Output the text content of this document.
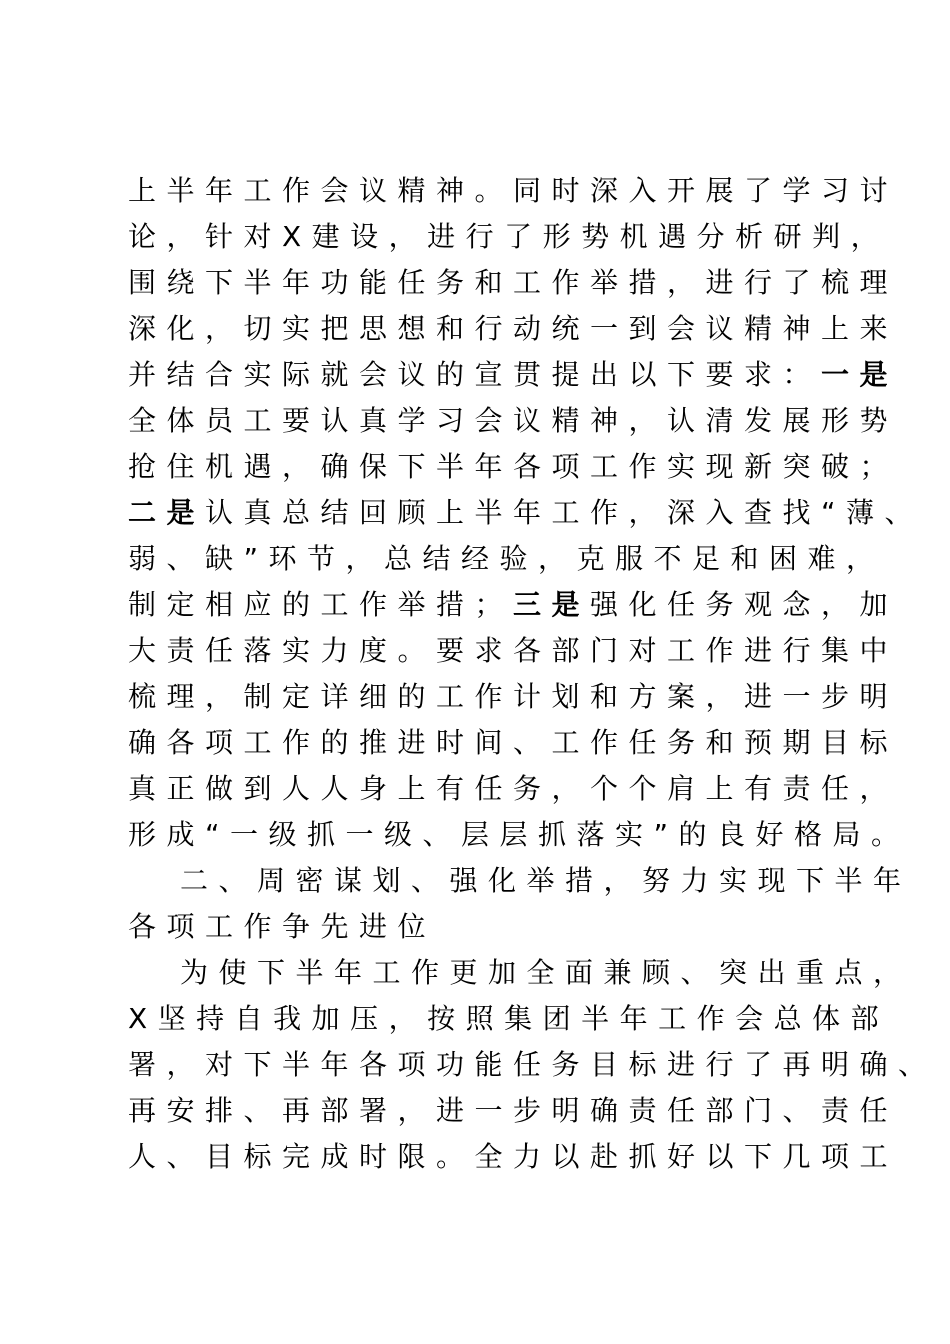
上半年工作会议精神。同时深入开展了学习讨
论，针对X建设，进行了形势机遇分析研判，
围绕下半年功能任务和工作举措，进行了梳理
深化，切实把思想和行动统一到会议精神上来
并结合实际就会议的宣贯提出以下要求：一是
全体员工要认真学习会议精神，认清发展形势
抢住机遇，确保下半年各项工作实现新突破；
二是认真总结回顾上半年工作，深入查找“薄、
弱、缺”环节，总结经验，克服不足和困难，
制定相应的工作举措；三是强化任务观念，加
大责任落实力度。要求各部门对工作进行集中
梳理，制定详细的工作计划和方案，进一步明
确各项工作的推进时间、工作任务和预期目标
真正做到人人身上有任务，个个肩上有责任，
形成“一级抓一级、层层抓落实”的良好格局。
二、周密谋划、强化举措，努力实现下半年
各项工作争先进位
为使下半年工作更加全面兼顾、突出重点，
X坚持自我加压，按照集团半年工作会总体部
署，对下半年各项功能任务目标进行了再明确、
再安排、再部署，进一步明确责任部门、责任
人、目标完成时限。全力以赴抓好以下几项工
